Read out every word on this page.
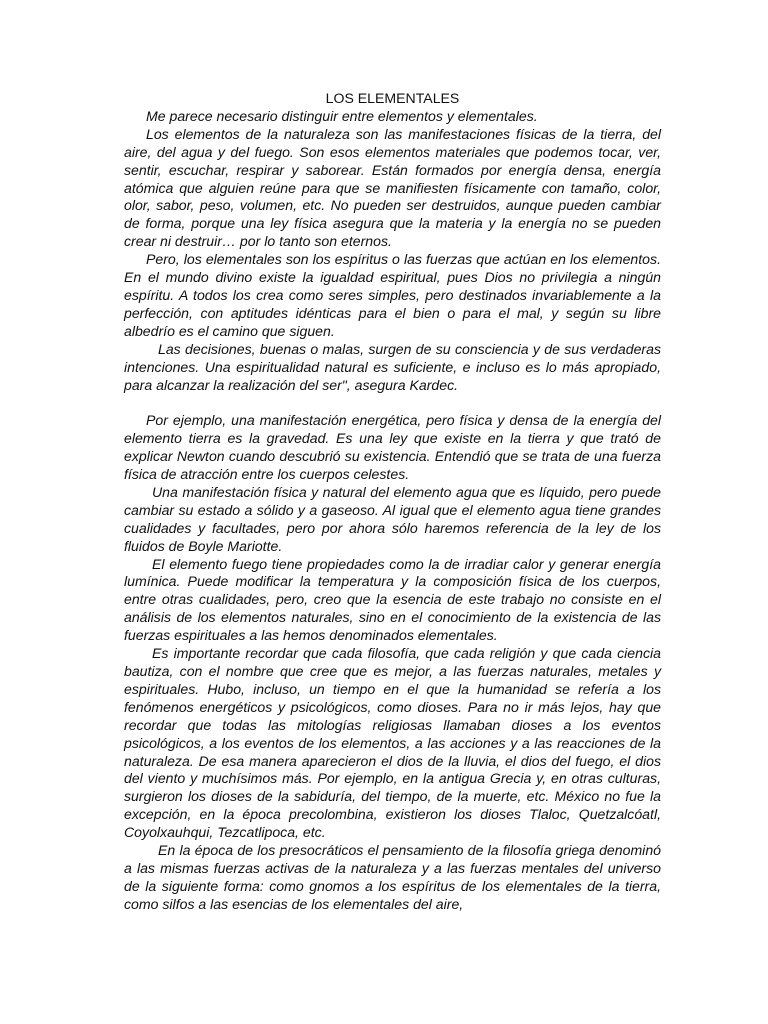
LOS ELEMENTALES

Me parece necesario distinguir entre elementos y elementales.

Los elementos de la naturaleza son las manifestaciones físicas de la tierra, del aire, del agua y del fuego. Son esos elementos materiales que podemos tocar, ver, sentir, escuchar, respirar y saborear. Están formados por energía densa, energía atómica que alguien reúne para que se manifiesten físicamente con tamaño, color, olor, sabor, peso, volumen, etc. No pueden ser destruidos, aunque pueden cambiar de forma, porque una ley física asegura que la materia y la energía no se pueden crear ni destruir… por lo tanto son eternos.

Pero, los elementales son los espíritus o las fuerzas que actúan en los elementos. En el mundo divino existe la igualdad espiritual, pues Dios no privilegia a ningún espíritu. A todos los crea como seres simples, pero destinados invariablemente a la perfección, con aptitudes idénticas para el bien o para el mal, y según su libre albedrío es el camino que siguen.

Las decisiones, buenas o malas, surgen de su consciencia y de sus verdaderas intenciones. Una espiritualidad natural es suficiente, e incluso es lo más apropiado, para alcanzar la realización del ser", asegura Kardec.

Por ejemplo, una manifestación energética, pero física y densa de la energía del elemento tierra es la gravedad. Es una ley que existe en la tierra y que trató de explicar Newton cuando descubrió su existencia. Entendió que se trata de una fuerza física de atracción entre los cuerpos celestes.

Una manifestación física y natural del elemento agua que es líquido, pero puede cambiar su estado a sólido y a gaseoso. Al igual que el elemento agua tiene grandes cualidades y facultades, pero por ahora sólo haremos referencia de la ley de los fluidos de Boyle Mariotte.

El elemento fuego tiene propiedades como la de irradiar calor y generar energía lumínica. Puede modificar la temperatura y la composición física de los cuerpos, entre otras cualidades, pero, creo que la esencia de este trabajo no consiste en el análisis de los elementos naturales, sino en el conocimiento de la existencia de las fuerzas espirituales a las hemos denominados elementales.

Es importante recordar que cada filosofía, que cada religión y que cada ciencia bautiza, con el nombre que cree que es mejor, a las fuerzas naturales, metales y espirituales. Hubo, incluso, un tiempo en el que la humanidad se refería a los fenómenos energéticos y psicológicos, como dioses. Para no ir más lejos, hay que recordar que todas las mitologías religiosas llamaban dioses a los eventos psicológicos, a los eventos de los elementos, a las acciones y a las reacciones de la naturaleza. De esa manera aparecieron el dios de la lluvia, el dios del fuego, el dios del viento y muchísimos más. Por ejemplo, en la antigua Grecia y, en otras culturas, surgieron los dioses de la sabiduría, del tiempo, de la muerte, etc. México no fue la excepción, en la época precolombina, existieron los dioses Tlaloc, Quetzalcóatl, Coyolxauhqui, Tezcatlipoca, etc.

En la época de los presocráticos el pensamiento de la filosofía griega denominó a las mismas fuerzas activas de la naturaleza y a las fuerzas mentales del universo de la siguiente forma: como gnomos a los espíritus de los elementales de la tierra, como silfos a las esencias de los elementales del aire,
